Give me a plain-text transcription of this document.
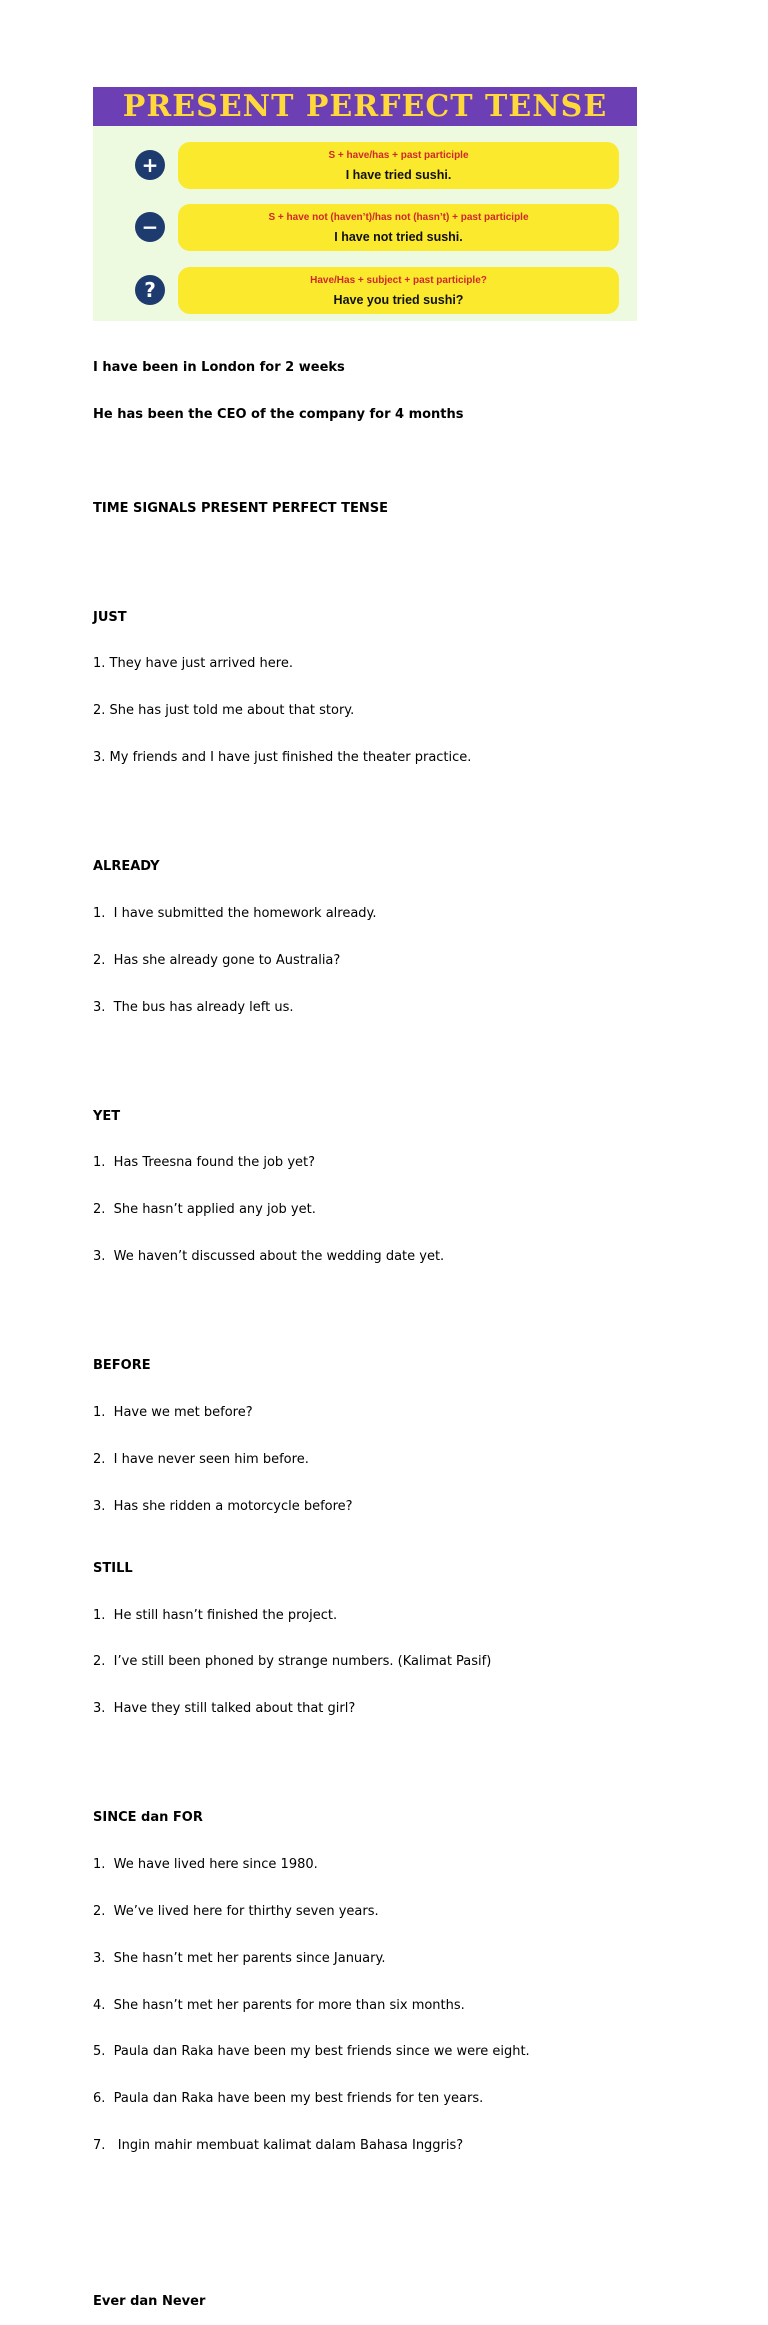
PRESENT PERFECT TENSE
+	S + have/has + past participle
I have tried sushi.
−	S + have not (haven’t)/has not (hasn’t) + past participle
I have not tried sushi.
?	Have/Has + subject + past participle?
Have you tried sushi?

I have been in London for 2 weeks

He has been the CEO of the company for 4 months

TIME SIGNALS PRESENT PERFECT TENSE

JUST

1. They have just arrived here.

2. She has just told me about that story.

3. My friends and I have just finished the theater practice.

ALREADY

1.  I have submitted the homework already.

2.  Has she already gone to Australia?

3.  The bus has already left us.

YET

1.  Has Treesna found the job yet?

2.  She hasn’t applied any job yet.

3.  We haven’t discussed about the wedding date yet.

BEFORE

1.  Have we met before?

2.  I have never seen him before.

3.  Has she ridden a motorcycle before?

STILL

1.  He still hasn’t finished the project.

2.  I’ve still been phoned by strange numbers. (Kalimat Pasif)

3.  Have they still talked about that girl?

SINCE dan FOR

1.  We have lived here since 1980.

2.  We’ve lived here for thirthy seven years.

3.  She hasn’t met her parents since January.

4.  She hasn’t met her parents for more than six months.

5.  Paula dan Raka have been my best friends since we were eight.

6.  Paula dan Raka have been my best friends for ten years.

7.   Ingin mahir membuat kalimat dalam Bahasa Inggris?

Ever dan Never
